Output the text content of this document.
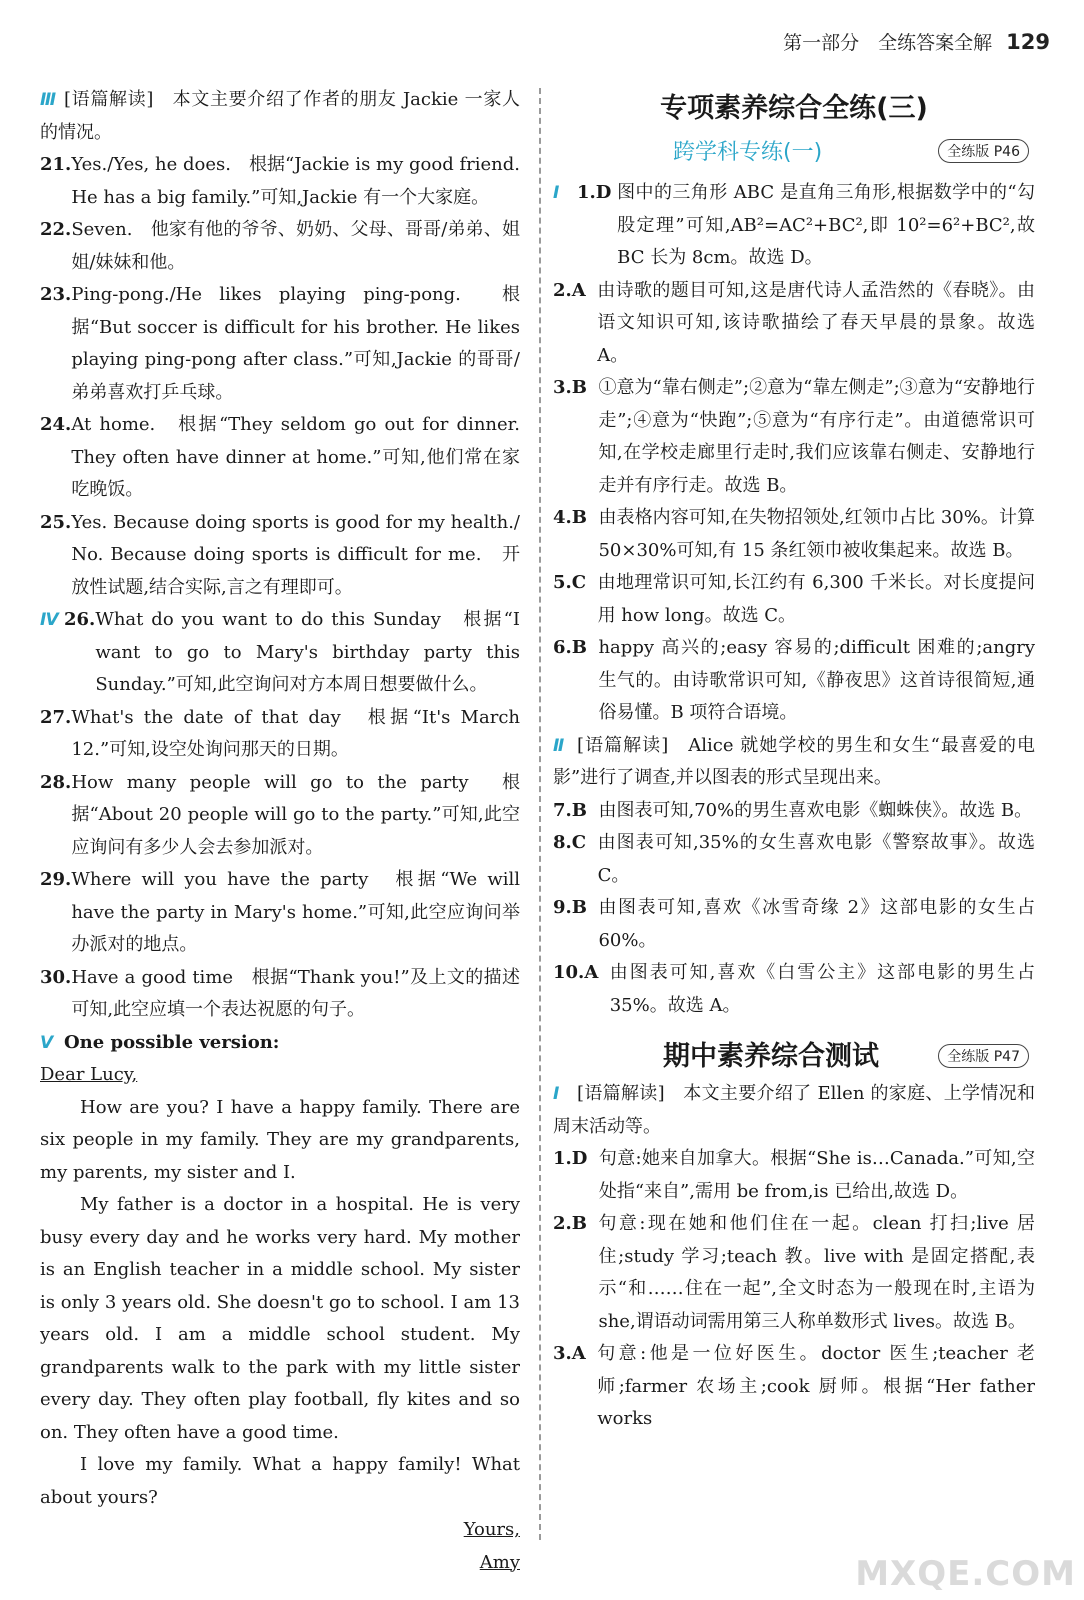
第一部分　全练答案全解 129

Ⅲ [语篇解读]　本文主要介绍了作者的朋友 Jackie 一家人的情况。

21. Yes./Yes, he does.　根据“Jackie is my good friend. He has a big family.”可知,Jackie 有一个大家庭。
22. Seven.　他家有他的爷爷、奶奶、父母、哥哥/弟弟、姐姐/妹妹和他。
23. Ping-pong./He likes playing ping-pong.　根据“But soccer is difficult for his brother. He likes playing ping-pong after class.”可知,Jackie 的哥哥/弟弟喜欢打乒乓球。
24. At home.　根据“They seldom go out for dinner. They often have dinner at home.”可知,他们常在家吃晚饭。
25. Yes. Because doing sports is good for my health./ No. Because doing sports is difficult for me.　开放性试题,结合实际,言之有理即可。
Ⅳ 26. What do you want to do this Sunday　根据“I want to go to Mary's birthday party this Sunday.”可知,此空询问对方本周日想要做什么。
27. What's the date of that day　根据“It's March 12.”可知,设空处询问那天的日期。
28. How many people will go to the party　根据“About 20 people will go to the party.”可知,此空应询问有多少人会去参加派对。
29. Where will you have the party　根据“We will have the party in Mary's home.”可知,此空应询问举办派对的地点。
30. Have a good time　根据“Thank you!”及上文的描述可知,此空应填一个表达祝愿的句子。

Ⅴ One possible version:

Dear Lucy,

How are you? I have a happy family. There are six people in my family. They are my grandparents, my parents, my sister and I.

My father is a doctor in a hospital. He is very busy every day and he works very hard. My mother is an English teacher in a middle school. My sister is only 3 years old. She doesn't go to school. I am 13 years old. I am a middle school student. My grandparents walk to the park with my little sister every day. They often play football, fly kites and so on. They often have a good time.

I love my family. What a happy family! What about yours?

Yours,
Amy
专项素养综合全练(三)
跨学科专练(一)	全练版 P46
Ⅰ 1.D
图中的三角形 ABC 是直角三角形,根据数学中的“勾股定理”可知,AB²=AC²+BC²,即 10²=6²+BC²,故 BC 长为 8cm。故选 D。
2.A
由诗歌的题目可知,这是唐代诗人孟浩然的《春晓》。由语文知识可知,该诗歌描绘了春天早晨的景象。故选 A。
3.B
①意为“靠右侧走”;②意为“靠左侧走”;③意为“安静地行走”;④意为“快跑”;⑤意为“有序行走”。由道德常识可知,在学校走廊里行走时,我们应该靠右侧走、安静地行走并有序行走。故选 B。
4.B
由表格内容可知,在失物招领处,红领巾占比 30%。计算 50×30%可知,有 15 条红领巾被收集起来。故选 B。
5.C
由地理常识可知,长江约有 6,300 千米长。对长度提问用 how long。故选 C。
6.B
happy 高兴的;easy 容易的;difficult 困难的;angry 生气的。由诗歌常识可知,《静夜思》这首诗很简短,通俗易懂。B 项符合语境。

Ⅱ [语篇解读]　Alice 就她学校的男生和女生“最喜爱的电影”进行了调查,并以图表的形式呈现出来。

7.B
由图表可知,70%的男生喜欢电影《蜘蛛侠》。故选 B。
8.C
由图表可知,35%的女生喜欢电影《警察故事》。故选 C。
9.B
由图表可知,喜欢《冰雪奇缘 2》这部电影的女生占 60%。
10.A
由图表可知,喜欢《白雪公主》这部电影的男生占 35%。故选 A。
期中素养综合测试	全练版 P47

Ⅰ [语篇解读]　本文主要介绍了 Ellen 的家庭、上学情况和周末活动等。

1.D
句意:她来自加拿大。根据“She is…Canada.”可知,空处指“来自”,需用 be from,is 已给出,故选 D。
2.B
句意:现在她和他们住在一起。clean 打扫;live 居住;study 学习;teach 教。live with 是固定搭配,表示“和……住在一起”,全文时态为一般现在时,主语为 she,谓语动词需用第三人称单数形式 lives。故选 B。
3.A
句意:他是一位好医生。doctor 医生;teacher 老师;farmer 农场主;cook 厨师。根据“Her father works
MXQE.COM
